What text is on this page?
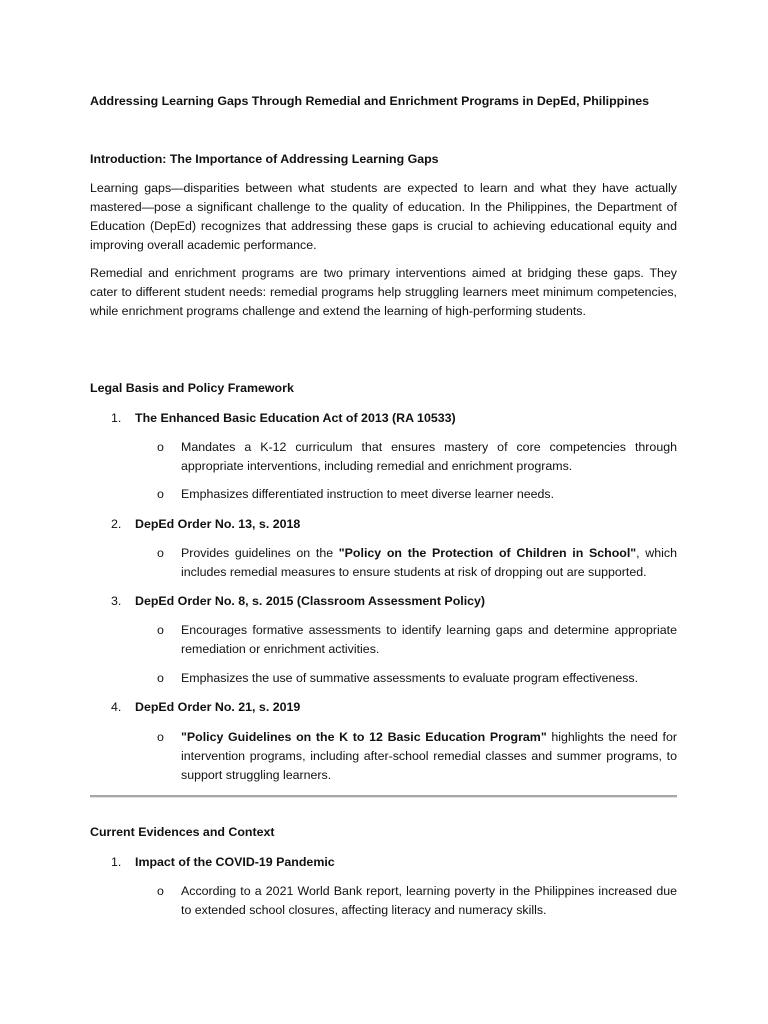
Addressing Learning Gaps Through Remedial and Enrichment Programs in DepEd, Philippines

Introduction: The Importance of Addressing Learning Gaps

Learning gaps—disparities between what students are expected to learn and what they have actually mastered—pose a significant challenge to the quality of education. In the Philippines, the Department of Education (DepEd) recognizes that addressing these gaps is crucial to achieving educational equity and improving overall academic performance.

Remedial and enrichment programs are two primary interventions aimed at bridging these gaps. They cater to different student needs: remedial programs help struggling learners meet minimum competencies, while enrichment programs challenge and extend the learning of high-performing students.

Legal Basis and Policy Framework

1.	The Enhanced Basic Education Act of 2013 (RA 10533)
o Mandates a K-12 curriculum that ensures mastery of core competencies through appropriate interventions, including remedial and enrichment programs.
o Emphasizes differentiated instruction to meet diverse learner needs.
2.	DepEd Order No. 13, s. 2018
o Provides guidelines on the "Policy on the Protection of Children in School", which includes remedial measures to ensure students at risk of dropping out are supported.
3.	DepEd Order No. 8, s. 2015 (Classroom Assessment Policy)
o Encourages formative assessments to identify learning gaps and determine appropriate remediation or enrichment activities.
o Emphasizes the use of summative assessments to evaluate program effectiveness.
4.	DepEd Order No. 21, s. 2019
o "Policy Guidelines on the K to 12 Basic Education Program" highlights the need for intervention programs, including after-school remedial classes and summer programs, to support struggling learners.

Current Evidences and Context

1.	Impact of the COVID-19 Pandemic
o According to a 2021 World Bank report, learning poverty in the Philippines increased due to extended school closures, affecting literacy and numeracy skills.
